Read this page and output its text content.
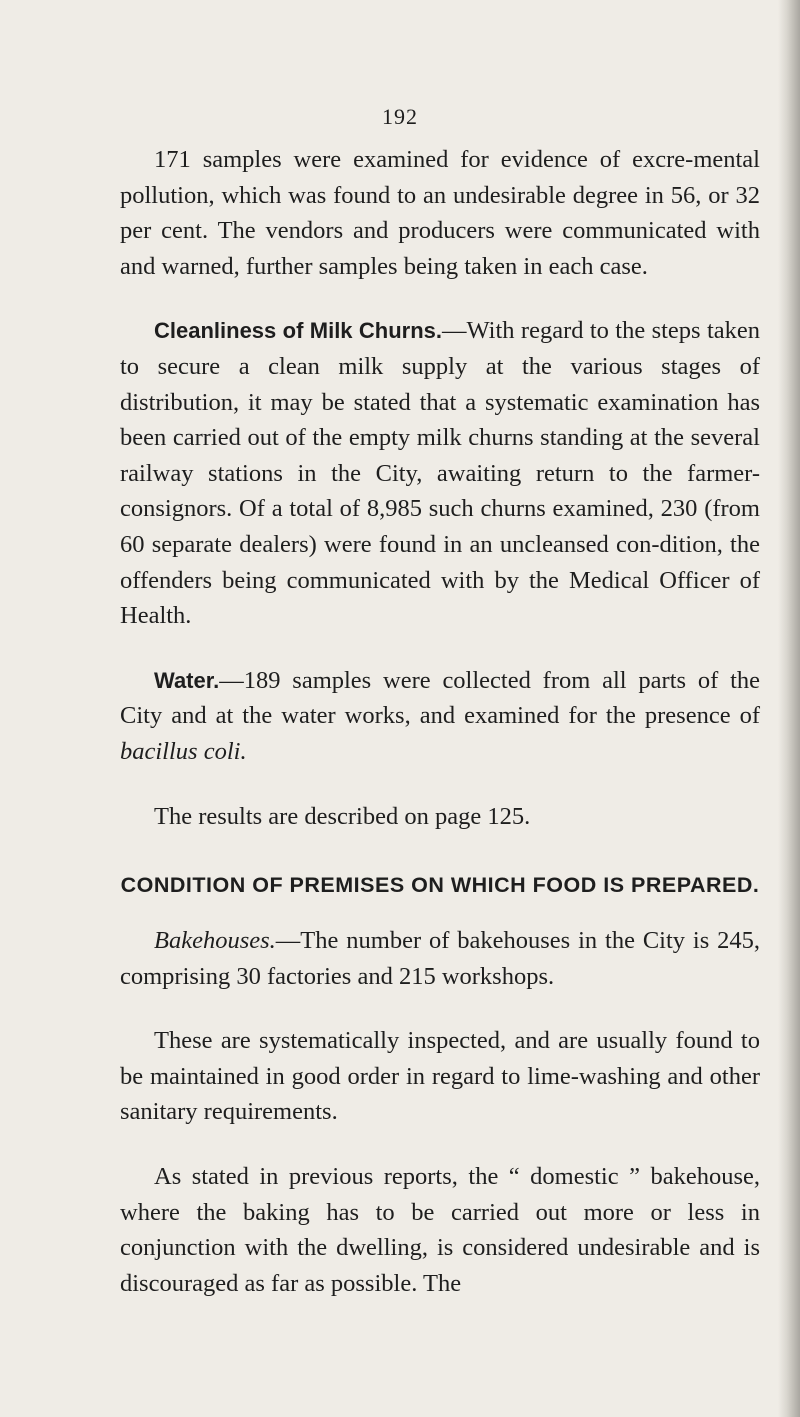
192

171 samples were examined for evidence of excre-mental pollution, which was found to an undesirable degree in 56, or 32 per cent. The vendors and producers were communicated with and warned, further samples being taken in each case.

Cleanliness of Milk Churns.—With regard to the steps taken to secure a clean milk supply at the various stages of distribution, it may be stated that a systematic examination has been carried out of the empty milk churns standing at the several railway stations in the City, awaiting return to the farmer-consignors. Of a total of 8,985 such churns examined, 230 (from 60 separate dealers) were found in an uncleansed con-dition, the offenders being communicated with by the Medical Officer of Health.

Water.—189 samples were collected from all parts of the City and at the water works, and examined for the presence of bacillus coli.

The results are described on page 125.

CONDITION OF PREMISES ON WHICH FOOD IS PREPARED.

Bakehouses.—The number of bakehouses in the City is 245, comprising 30 factories and 215 workshops.

These are systematically inspected, and are usually found to be maintained in good order in regard to lime-washing and other sanitary requirements.

As stated in previous reports, the “ domestic ” bakehouse, where the baking has to be carried out more or less in conjunction with the dwelling, is considered undesirable and is discouraged as far as possible. The
